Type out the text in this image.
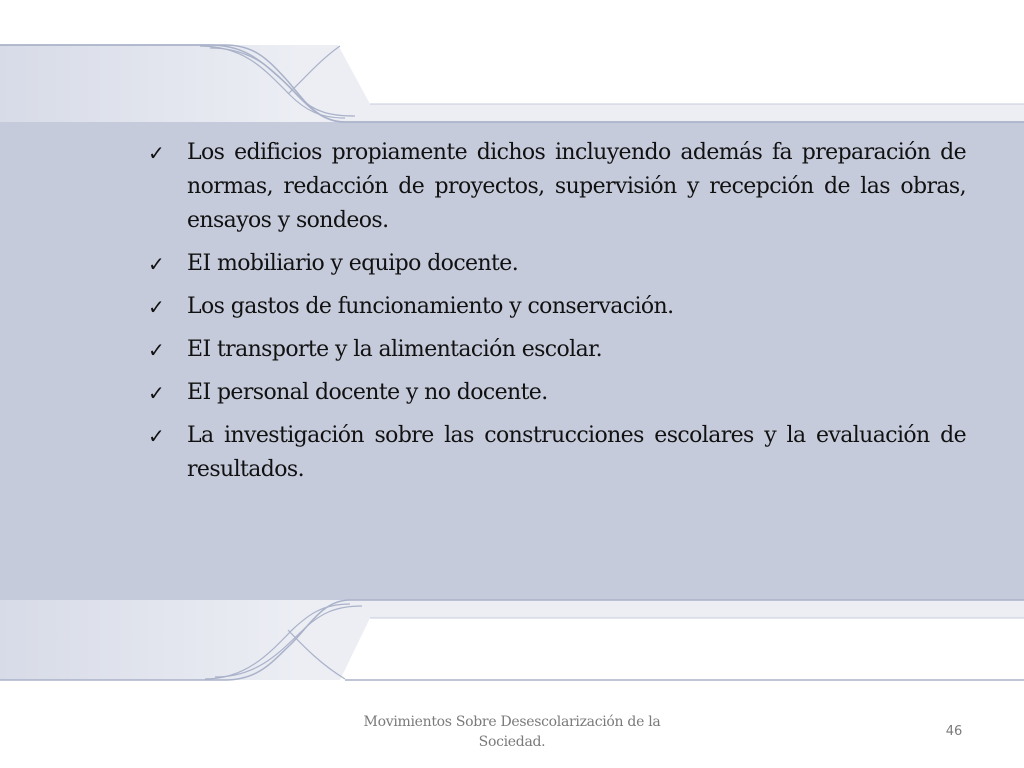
✓ Los edificios propiamente dichos incluyendo además fa preparación de normas, redacción de proyectos, supervisión y recepción de las obras, ensayos y sondeos.
✓ EI mobiliario y equipo docente.
✓ Los gastos de funcionamiento y conservación.
✓ EI transporte y la alimentación escolar.
✓ EI personal docente y no docente.
✓ La investigación sobre las construcciones escolares y la evaluación de resultados.
Movimientos Sobre Desescolarización de la Sociedad.
46
